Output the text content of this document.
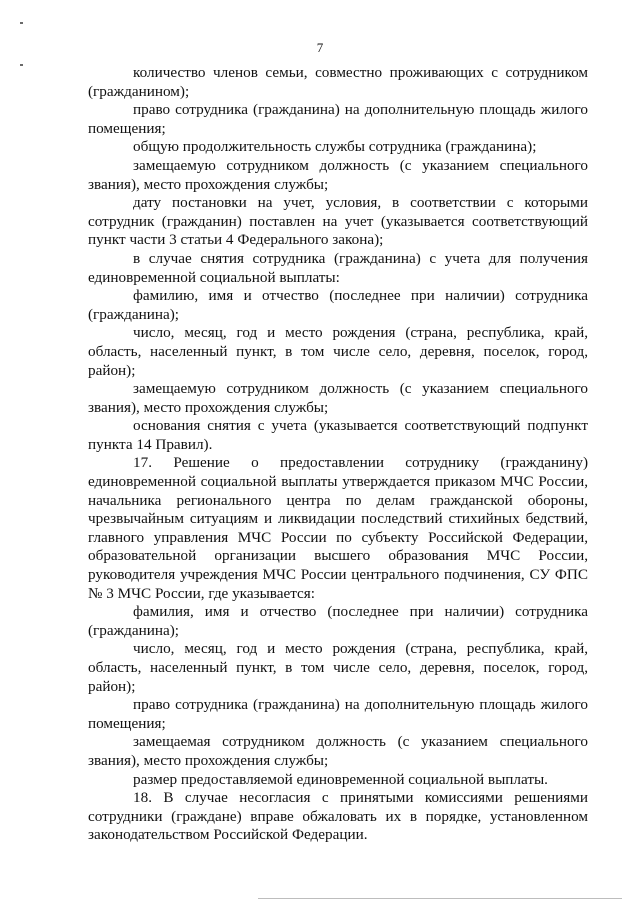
7

количество членов семьи, совместно проживающих с сотрудником (гражданином);

право сотрудника (гражданина) на дополнительную площадь жилого помещения;

общую продолжительность службы сотрудника (гражданина);

замещаемую сотрудником должность (с указанием специального звания), место прохождения службы;

дату постановки на учет, условия, в соответствии с которыми сотрудник (гражданин) поставлен на учет (указывается соответствующий пункт части 3 статьи 4 Федерального закона);

в случае снятия сотрудника (гражданина) с учета для получения единовременной социальной выплаты:

фамилию, имя и отчество (последнее при наличии) сотрудника (гражданина);

число, месяц, год и место рождения (страна, республика, край, область, населенный пункт, в том числе село, деревня, поселок, город, район);

замещаемую сотрудником должность (с указанием специального звания), место прохождения службы;

основания снятия с учета (указывается соответствующий подпункт пункта 14 Правил).

17. Решение о предоставлении сотруднику (гражданину) единовременной социальной выплаты утверждается приказом МЧС России, начальника регионального центра по делам гражданской обороны, чрезвычайным ситуациям и ликвидации последствий стихийных бедствий, главного управления МЧС России по субъекту Российской Федерации, образовательной организации высшего образования МЧС России, руководителя учреждения МЧС России центрального подчинения, СУ ФПС № 3 МЧС России, где указывается:

фамилия, имя и отчество (последнее при наличии) сотрудника (гражданина);

число, месяц, год и место рождения (страна, республика, край, область, населенный пункт, в том числе село, деревня, поселок, город, район);

право сотрудника (гражданина) на дополнительную площадь жилого помещения;

замещаемая сотрудником должность (с указанием специального звания), место прохождения службы;

размер предоставляемой единовременной социальной выплаты.

18. В случае несогласия с принятыми комиссиями решениями сотрудники (граждане) вправе обжаловать их в порядке, установленном законодательством Российской Федерации.
